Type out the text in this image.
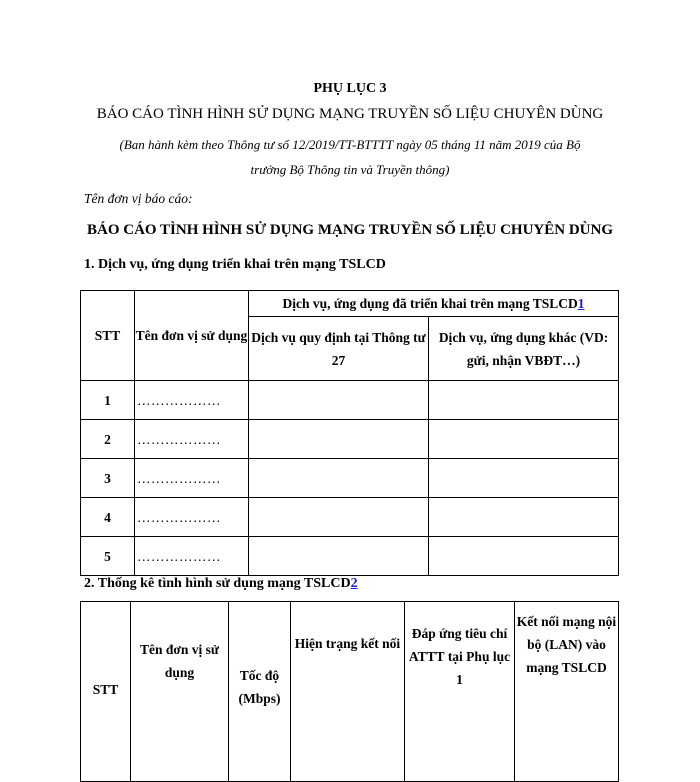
PHỤ LỤC 3
BÁO CÁO TÌNH HÌNH SỬ DỤNG MẠNG TRUYỀN SỐ LIỆU CHUYÊN DÙNG
(Ban hành kèm theo Thông tư số 12/2019/TT-BTTTT ngày 05 tháng 11 năm 2019 của Bộ
trưởng Bộ Thông tin và Truyền thông)
Tên đơn vị báo cáo:
BÁO CÁO TÌNH HÌNH SỬ DỤNG MẠNG TRUYỀN SỐ LIỆU CHUYÊN DÙNG
1. Dịch vụ, ứng dụng triển khai trên mạng TSLCD
STT	Tên đơn vị sử dụng	Dịch vụ, ứng dụng đã triển khai trên mạng TSLCD1	
		Dịch vụ quy định tại Thông tư 27	Dịch vụ, ứng dụng khác (VD: gửi, nhận VBĐT…)
1	………………		
2	………………		
3	………………		
4	………………		
5	………………		
2. Thống kê tình hình sử dụng mạng TSLCD2
STT	Tên đơn vị sử dụng	Tốc độ (Mbps)	Hiện trạng kết nối	Đáp ứng tiêu chí ATTT tại Phụ lục 1	Kết nối mạng nội bộ (LAN) vào mạng TSLCD
